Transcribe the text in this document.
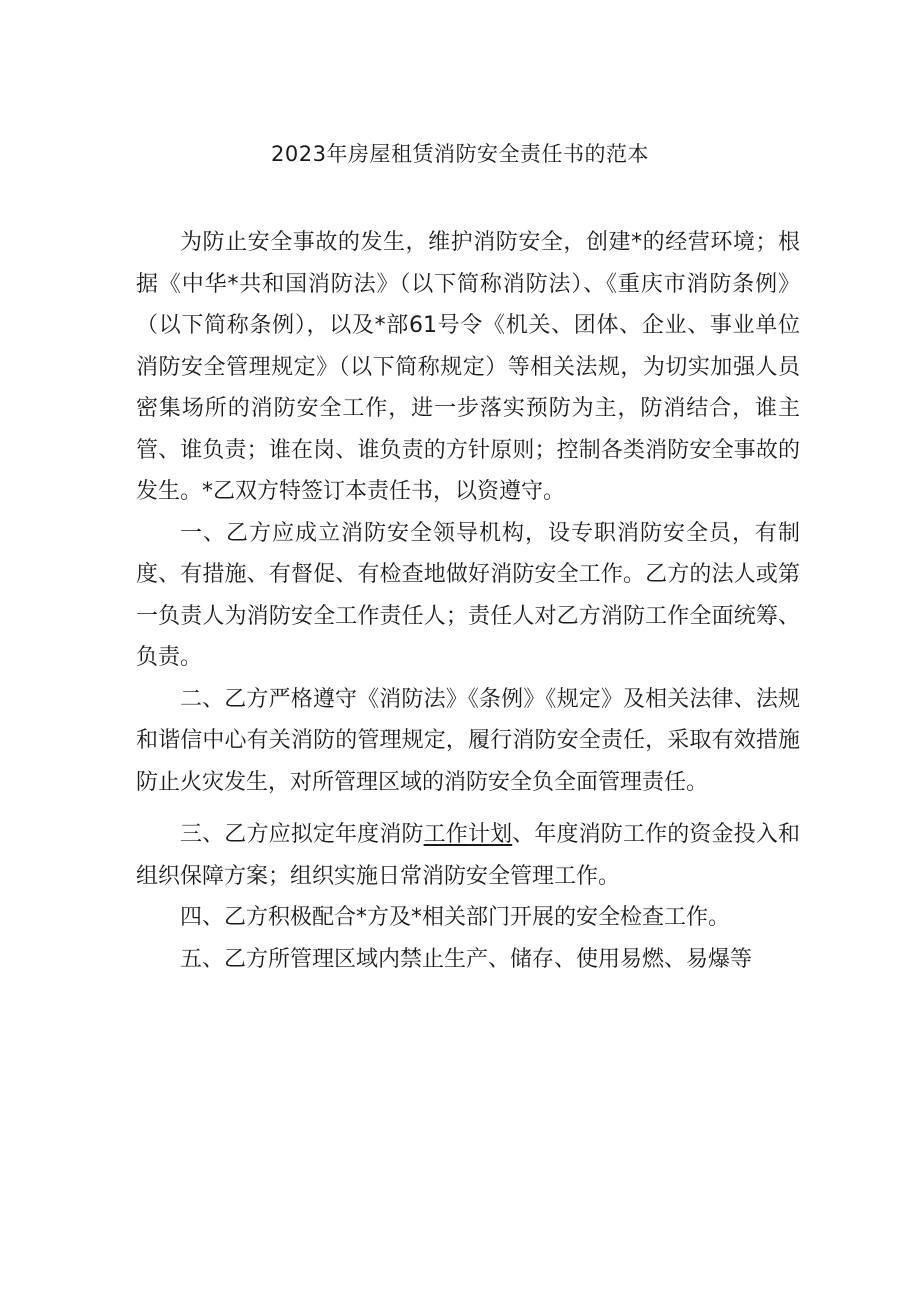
2023年房屋租赁消防安全责任书的范本

为防止安全事故的发生，维护消防安全，创建*的经营环境；根据《中华*共和国消防法》（以下简称消防法）、《重庆市消防条例》（以下简称条例），以及*部61号令《机关、团体、企业、事业单位消防安全管理规定》（以下简称规定）等相关法规，为切实加强人员密集场所的消防安全工作，进一步落实预防为主，防消结合，谁主管、谁负责；谁在岗、谁负责的方针原则；控制各类消防安全事故的发生。*乙双方特签订本责任书，以资遵守。

一、乙方应成立消防安全领导机构，设专职消防安全员，有制度、有措施、有督促、有检查地做好消防安全工作。乙方的法人或第一负责人为消防安全工作责任人；责任人对乙方消防工作全面统筹、负责。

二、乙方严格遵守《消防法》《条例》《规定》及相关法律、法规和谐信中心有关消防的管理规定，履行消防安全责任，采取有效措施防止火灾发生，对所管理区域的消防安全负全面管理责任。

三、乙方应拟定年度消防工作计划、年度消防工作的资金投入和组织保障方案；组织实施日常消防安全管理工作。

四、乙方积极配合*方及*相关部门开展的安全检查工作。

五、乙方所管理区域内禁止生产、储存、使用易燃、易爆等
